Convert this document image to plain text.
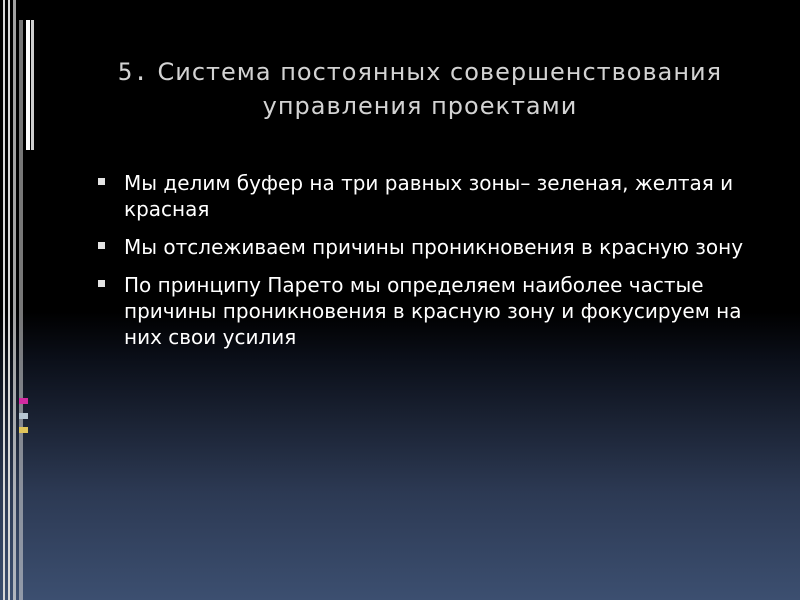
5. Система постоянных совершенствования управления проектами
Мы делим буфер на три равных зоны– зеленая, желтая и красная
Мы отслеживаем причины проникновения в красную зону
По принципу Парето мы определяем наиболее частые причины проникновения в красную зону и фокусируем на них свои усилия
